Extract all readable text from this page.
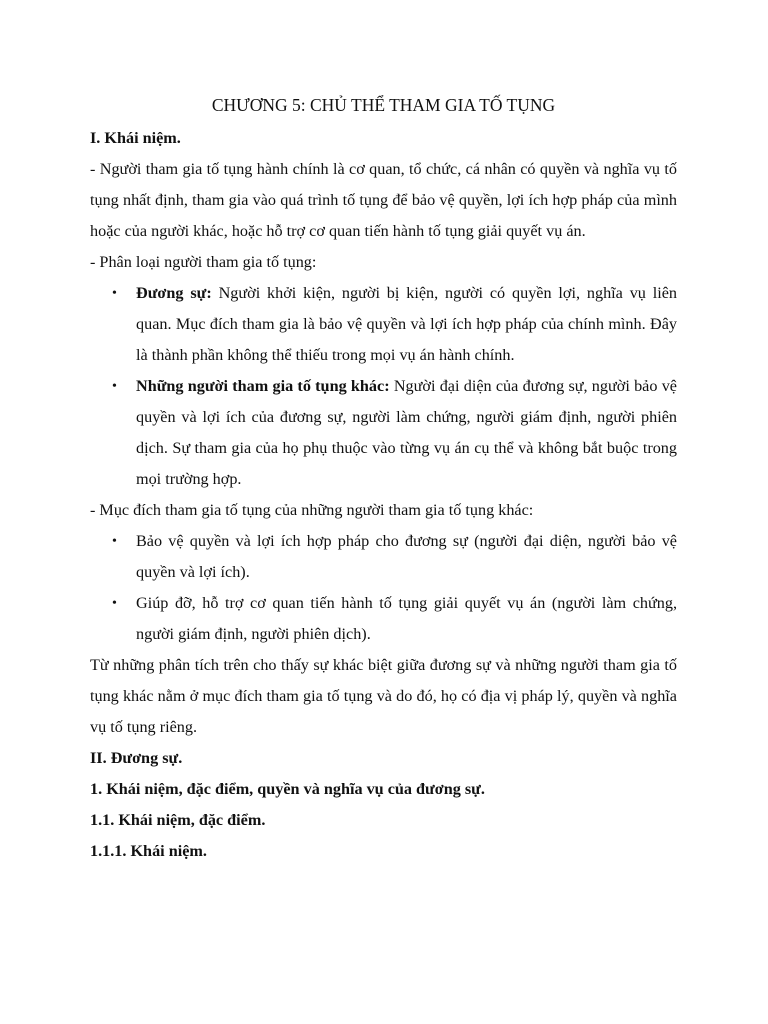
CHƯƠNG 5: CHỦ THỂ THAM GIA TỐ TỤNG

I. Khái niệm.

- Người tham gia tố tụng hành chính là cơ quan, tổ chức, cá nhân có quyền và nghĩa vụ tố tụng nhất định, tham gia vào quá trình tố tụng để bảo vệ quyền, lợi ích hợp pháp của mình hoặc của người khác, hoặc hỗ trợ cơ quan tiến hành tố tụng giải quyết vụ án.

- Phân loại người tham gia tố tụng:

• Đương sự: Người khởi kiện, người bị kiện, người có quyền lợi, nghĩa vụ liên quan. Mục đích tham gia là bảo vệ quyền và lợi ích hợp pháp của chính mình. Đây là thành phần không thể thiếu trong mọi vụ án hành chính.
• Những người tham gia tố tụng khác: Người đại diện của đương sự, người bảo vệ quyền và lợi ích của đương sự, người làm chứng, người giám định, người phiên dịch. Sự tham gia của họ phụ thuộc vào từng vụ án cụ thể và không bắt buộc trong mọi trường hợp.

- Mục đích tham gia tố tụng của những người tham gia tố tụng khác:

• Bảo vệ quyền và lợi ích hợp pháp cho đương sự (người đại diện, người bảo vệ quyền và lợi ích).
• Giúp đỡ, hỗ trợ cơ quan tiến hành tố tụng giải quyết vụ án (người làm chứng, người giám định, người phiên dịch).

Từ những phân tích trên cho thấy sự khác biệt giữa đương sự và những người tham gia tố tụng khác nằm ở mục đích tham gia tố tụng và do đó, họ có địa vị pháp lý, quyền và nghĩa vụ tố tụng riêng.

II. Đương sự.

1. Khái niệm, đặc điểm, quyền và nghĩa vụ của đương sự.

1.1. Khái niệm, đặc điểm.

1.1.1. Khái niệm.
